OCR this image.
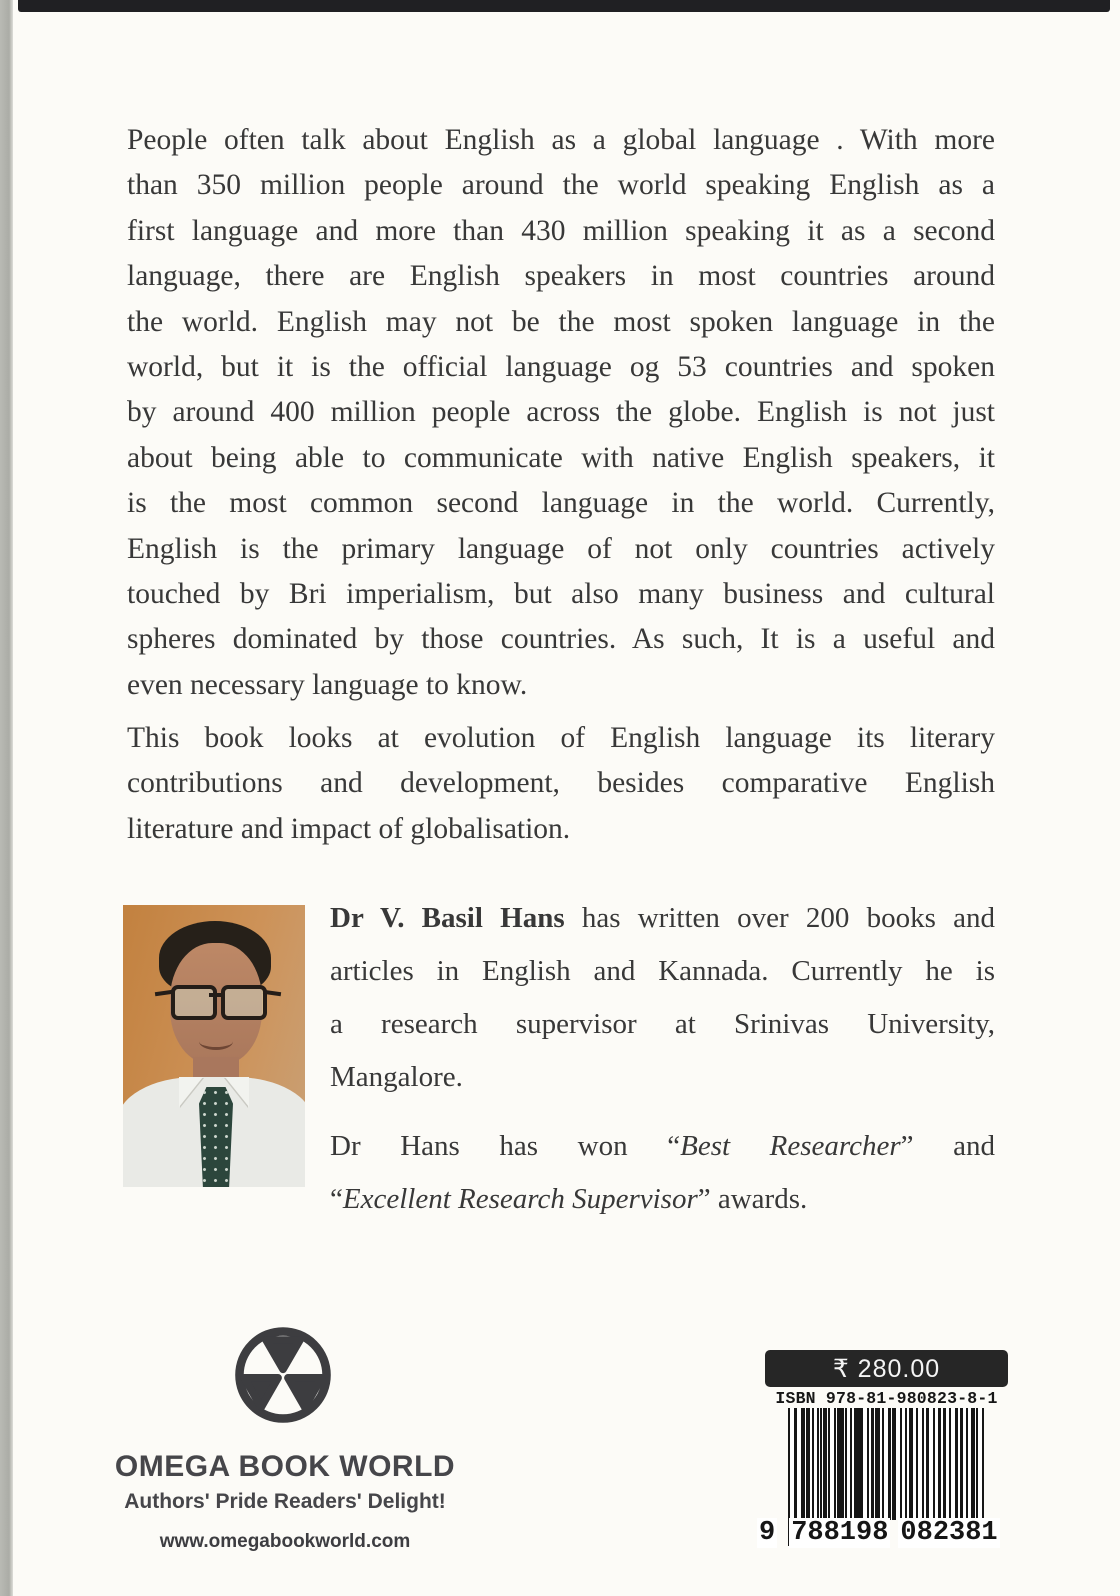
People often talk about English as a global language . With more
than 350 million people around the world speaking English as a
first language and more than 430 million speaking it as a second
language, there are English speakers in most countries around
the world. English may not be the most spoken language in the
world, but it is the official language og 53 countries and spoken
by around 400 million people across the globe. English is not just
about being able to communicate with native English speakers, it
is the most common second language in the world. Currently,
English is the primary language of not only countries actively
touched by Bri imperialism, but also many business and cultural
spheres dominated by those countries. As such, It is a useful and
even necessary language to know.
This book looks at evolution of English language its literary
contributions and development, besides comparative English
literature and impact of globalisation.
Dr V. Basil Hans has written over 200 books and
articles in English and Kannada. Currently he is
a research supervisor at Srinivas University,
Mangalore.
Dr Hans has won “Best Researcher” and
“Excellent Research Supervisor” awards.
OMEGA BOOK WORLD
Authors' Pride Readers' Delight!
www.omegabookworld.com
₹ 280.00
ISBN 978-81-980823-8-1
9 788198 082381
